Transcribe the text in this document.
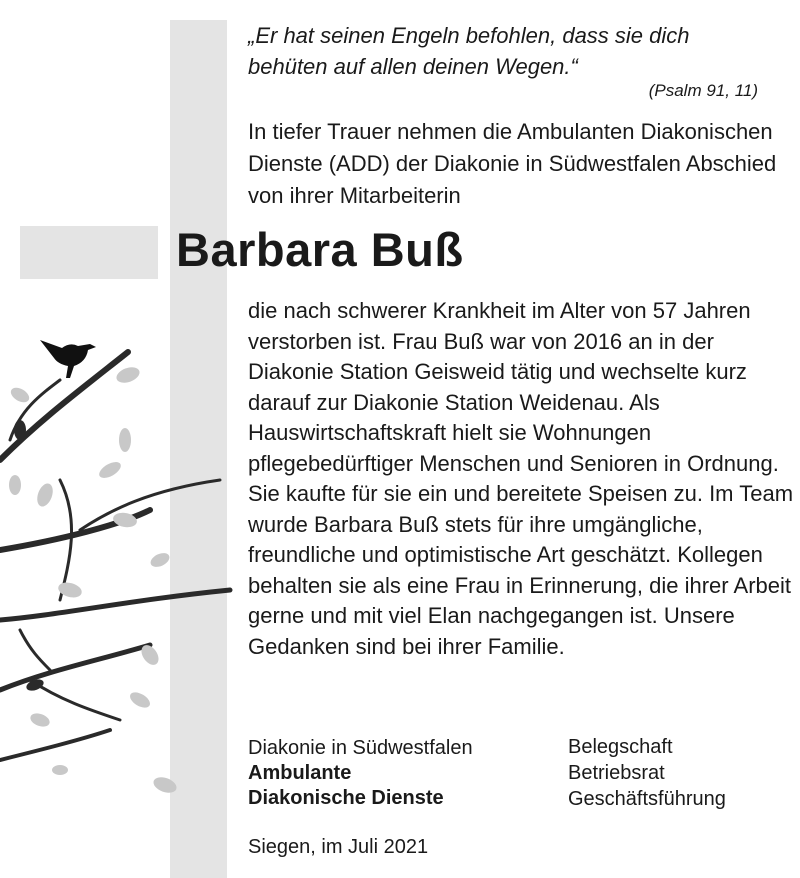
„Er hat seinen Engeln befohlen, dass sie dich
behüten auf allen deinen Wegen.“
(Psalm 91, 11)
In tiefer Trauer nehmen die Ambulanten Diakonischen Dienste (ADD) der Diakonie in Südwestfalen Abschied von ihrer Mitarbeiterin
Barbara Buß

die nach schwerer Krankheit im Alter von 57 Jahren verstorben ist. Frau Buß war von 2016 an in der Diakonie Station Geisweid tätig und wechselte kurz darauf zur Diakonie Station Weidenau. Als Hauswirtschaftskraft hielt sie Wohnungen pflegebedürftiger Menschen und Senioren in Ordnung. Sie kaufte für sie ein und bereitete Speisen zu. Im Team wurde Barbara Buß stets für ihre umgängliche, freundliche und optimistische Art geschätzt. Kollegen behalten sie als eine Frau in Erinnerung, die ihrer Arbeit gerne und mit viel Elan nachgegangen ist. Unsere Gedanken sind bei ihrer Familie.

Diakonie in Südwestfalen
Ambulante
Diakonische Dienste
Belegschaft
Betriebsrat
Geschäftsführung
Siegen, im Juli 2021
